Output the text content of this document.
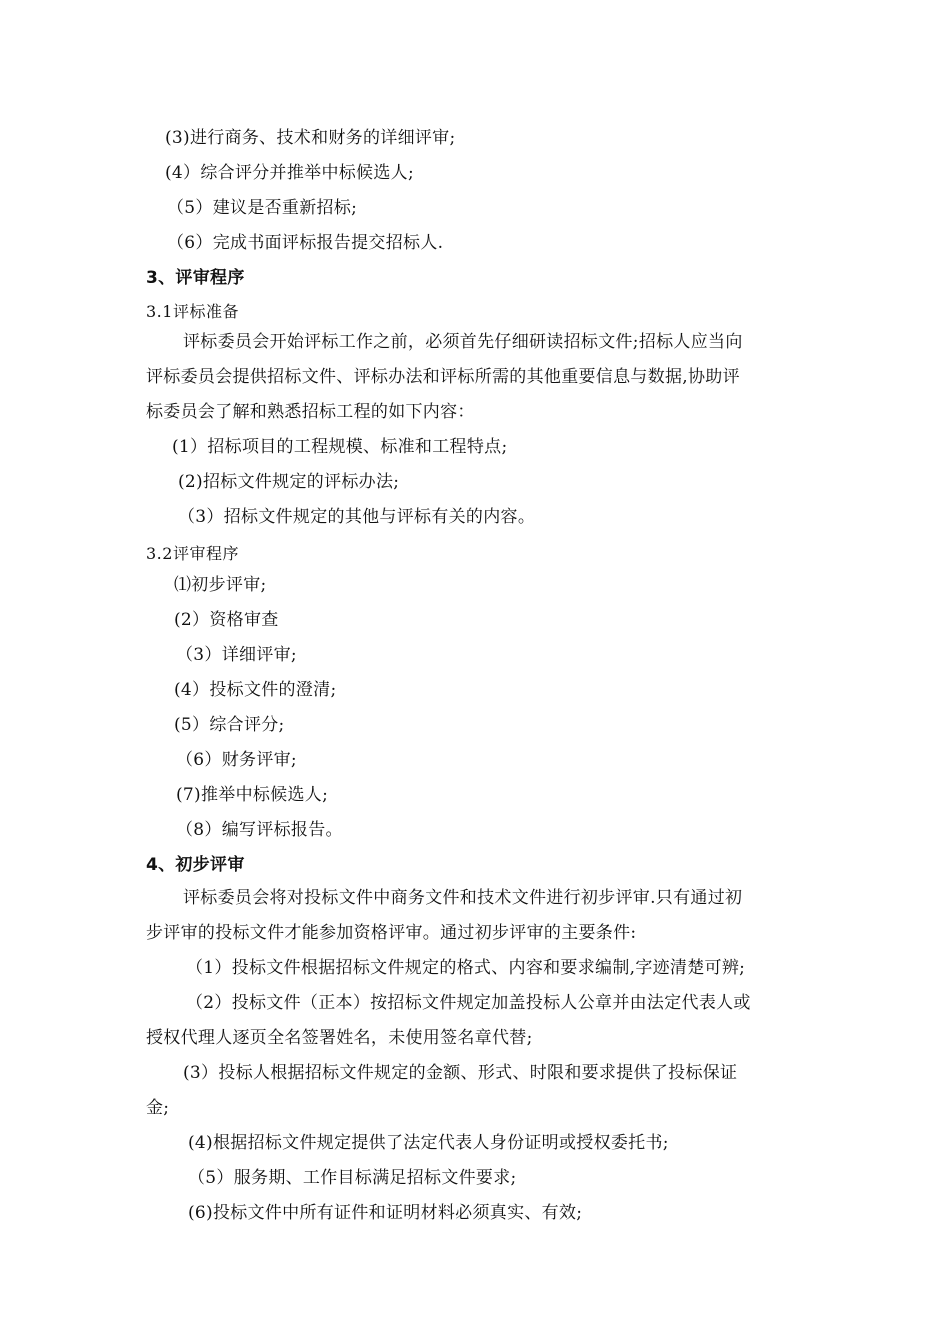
(3)进行商务、技术和财务的详细评审;
(4）综合评分并推举中标候选人;
（5）建议是否重新招标;
（6）完成书面评标报告提交招标人.
3、评审程序
3.1评标准备
评标委员会开始评标工作之前，必须首先仔细研读招标文件;招标人应当向
评标委员会提供招标文件、评标办法和评标所需的其他重要信息与数据,协助评
标委员会了解和熟悉招标工程的如下内容：
(1）招标项目的工程规模、标准和工程特点;
(2)招标文件规定的评标办法;
（3）招标文件规定的其他与评标有关的内容。
3.2评审程序
⑴初步评审;
(2）资格审查
（3）详细评审;
(4）投标文件的澄清;
(5）综合评分;
（6）财务评审;
(7)推举中标候选人;
（8）编写评标报告。
4、初步评审
评标委员会将对投标文件中商务文件和技术文件进行初步评审.只有通过初
步评审的投标文件才能参加资格评审。通过初步评审的主要条件:
（1）投标文件根据招标文件规定的格式、内容和要求编制,字迹清楚可辨;
（2）投标文件（正本）按招标文件规定加盖投标人公章并由法定代表人或
授权代理人逐页全名签署姓名，未使用签名章代替;
(3）投标人根据招标文件规定的金额、形式、时限和要求提供了投标保证
金;
(4)根据招标文件规定提供了法定代表人身份证明或授权委托书;
（5）服务期、工作目标满足招标文件要求;
(6)投标文件中所有证件和证明材料必须真实、有效;
